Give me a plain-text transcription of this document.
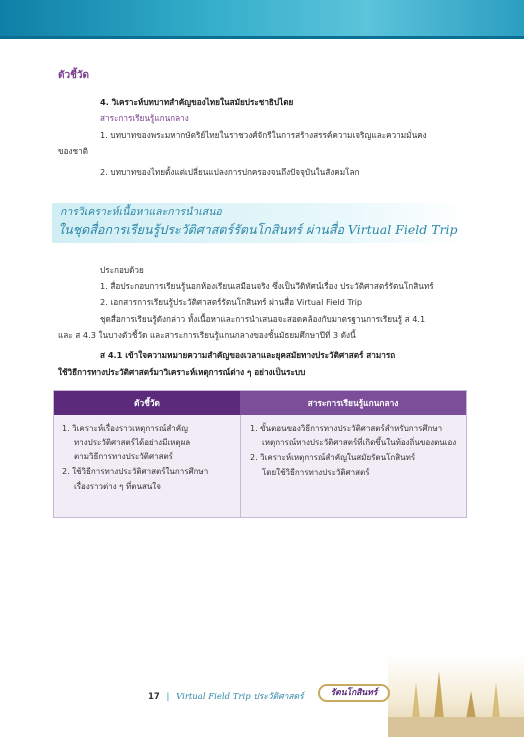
ตัวชี้วัด
4. วิเคราะห์บทบาทสำคัญของไทยในสมัยประชาธิปไตย
สาระการเรียนรู้แกนกลาง
1. บทบาทของพระมหากษัตริย์ไทยในราชวงศ์จักรีในการสร้างสรรค์ความเจริญและความมั่นคง
ของชาติ
2. บทบาทของไทยตั้งแต่เปลี่ยนแปลงการปกครองจนถึงปัจจุบันในสังคมโลก
การวิเคราะห์เนื้อหาและการนำเสนอ
ในชุดสื่อการเรียนรู้ประวัติศาสตร์รัตนโกสินทร์ ผ่านสื่อ Virtual Field Trip
ประกอบด้วย
1. สื่อประกอบการเรียนรู้นอกห้องเรียนเสมือนจริง ซึ่งเป็นวีดิทัศน์เรื่อง ประวัติศาสตร์รัตนโกสินทร์
2. เอกสารการเรียนรู้ประวัติศาสตร์รัตนโกสินทร์ ผ่านสื่อ Virtual Field Trip
ชุดสื่อการเรียนรู้ดังกล่าว ทั้งเนื้อหาและการนำเสนอจะสอดคล้องกับมาตรฐานการเรียนรู้ ส 4.1
และ ส 4.3 ในบางตัวชี้วัด และสาระการเรียนรู้แกนกลางของชั้นมัธยมศึกษาปีที่ 3 ดังนี้
ส 4.1 เข้าใจความหมายความสำคัญของเวลาและยุคสมัยทางประวัติศาสตร์ สามารถ
ใช้วิธีการทางประวัติศาสตร์มาวิเคราะห์เหตุการณ์ต่าง ๆ อย่างเป็นระบบ
ตัวชี้วัด	สาระการเรียนรู้แกนกลาง
1. วิเคราะห์เรื่องราวเหตุการณ์สำคัญ
ทางประวัติศาสตร์ได้อย่างมีเหตุผล
ตามวิธีการทางประวัติศาสตร์
2. ใช้วิธีการทางประวัติศาสตร์ในการศึกษา
เรื่องราวต่าง ๆ ที่ตนสนใจ
1. ขั้นตอนของวิธีการทางประวัติศาสตร์สำหรับการศึกษา
เหตุการณ์ทางประวัติศาสตร์ที่เกิดขึ้นในท้องถิ่นของตนเอง
2. วิเคราะห์เหตุการณ์สำคัญในสมัยรัตนโกสินทร์
โดยใช้วิธีการทางประวัติศาสตร์
17 | Virtual Field Trip ประวัติศาสตร์	รัตนโกสินทร์
